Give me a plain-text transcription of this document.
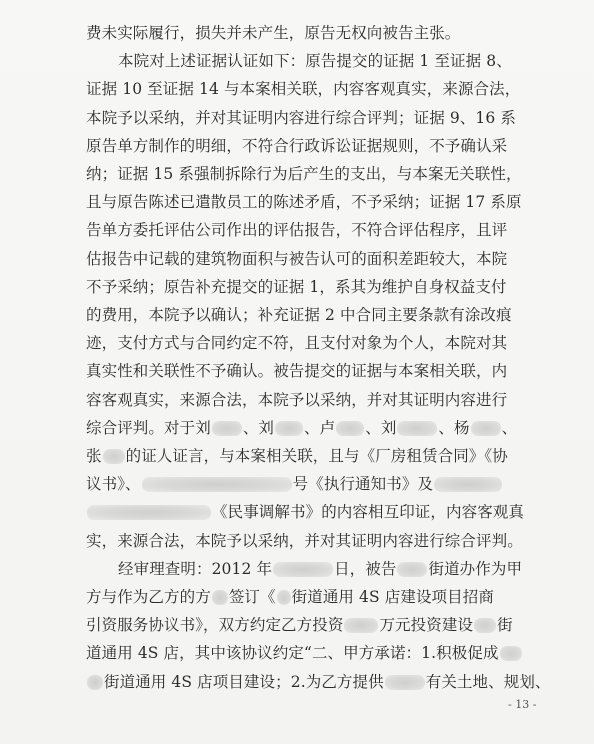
费未实际履行，损失并未产生，原告无权向被告主张。
本院对上述证据认证如下：原告提交的证据 1 至证据 8、
证据 10 至证据 14 与本案相关联，内容客观真实，来源合法，
本院予以采纳，并对其证明内容进行综合评判；证据 9、16 系
原告单方制作的明细，不符合行政诉讼证据规则，不予确认采
纳；证据 15 系强制拆除行为后产生的支出，与本案无关联性，
且与原告陈述已遣散员工的陈述矛盾，不予采纳；证据 17 系原
告单方委托评估公司作出的评估报告，不符合评估程序，且评
估报告中记载的建筑物面积与被告认可的面积差距较大，本院
不予采纳；原告补充提交的证据 1，系其为维护自身权益支付
的费用，本院予以确认；补充证据 2 中合同主要条款有涂改痕
迹，支付方式与合同约定不符，且支付对象为个人，本院对其
真实性和关联性不予确认。被告提交的证据与本案相关联，内
容客观真实，来源合法，本院予以采纳，并对其证明内容进行
综合评判。对于刘 、刘 、卢 、刘	、杨 、
张 的证人证言，与本案相关联，且与《厂房租赁合同》《协
议书》、	号《执行通知书》及
《民事调解书》的内容相互印证，内容客观真
实，来源合法，本院予以采纳，并对其证明内容进行综合评判。
经审理查明：2012 年	日，被告 街道办作为甲
方与作为乙方的方 签订《 街道通用 4S 店建设项目招商
引资服务协议书》，双方约定乙方投资 万元投资建设 街
道通用 4S 店，其中该协议约定“二、甲方承诺：1.积极促成
街道通用 4S 店项目建设；2.为乙方提供	有关土地、规划、
- 13 -
